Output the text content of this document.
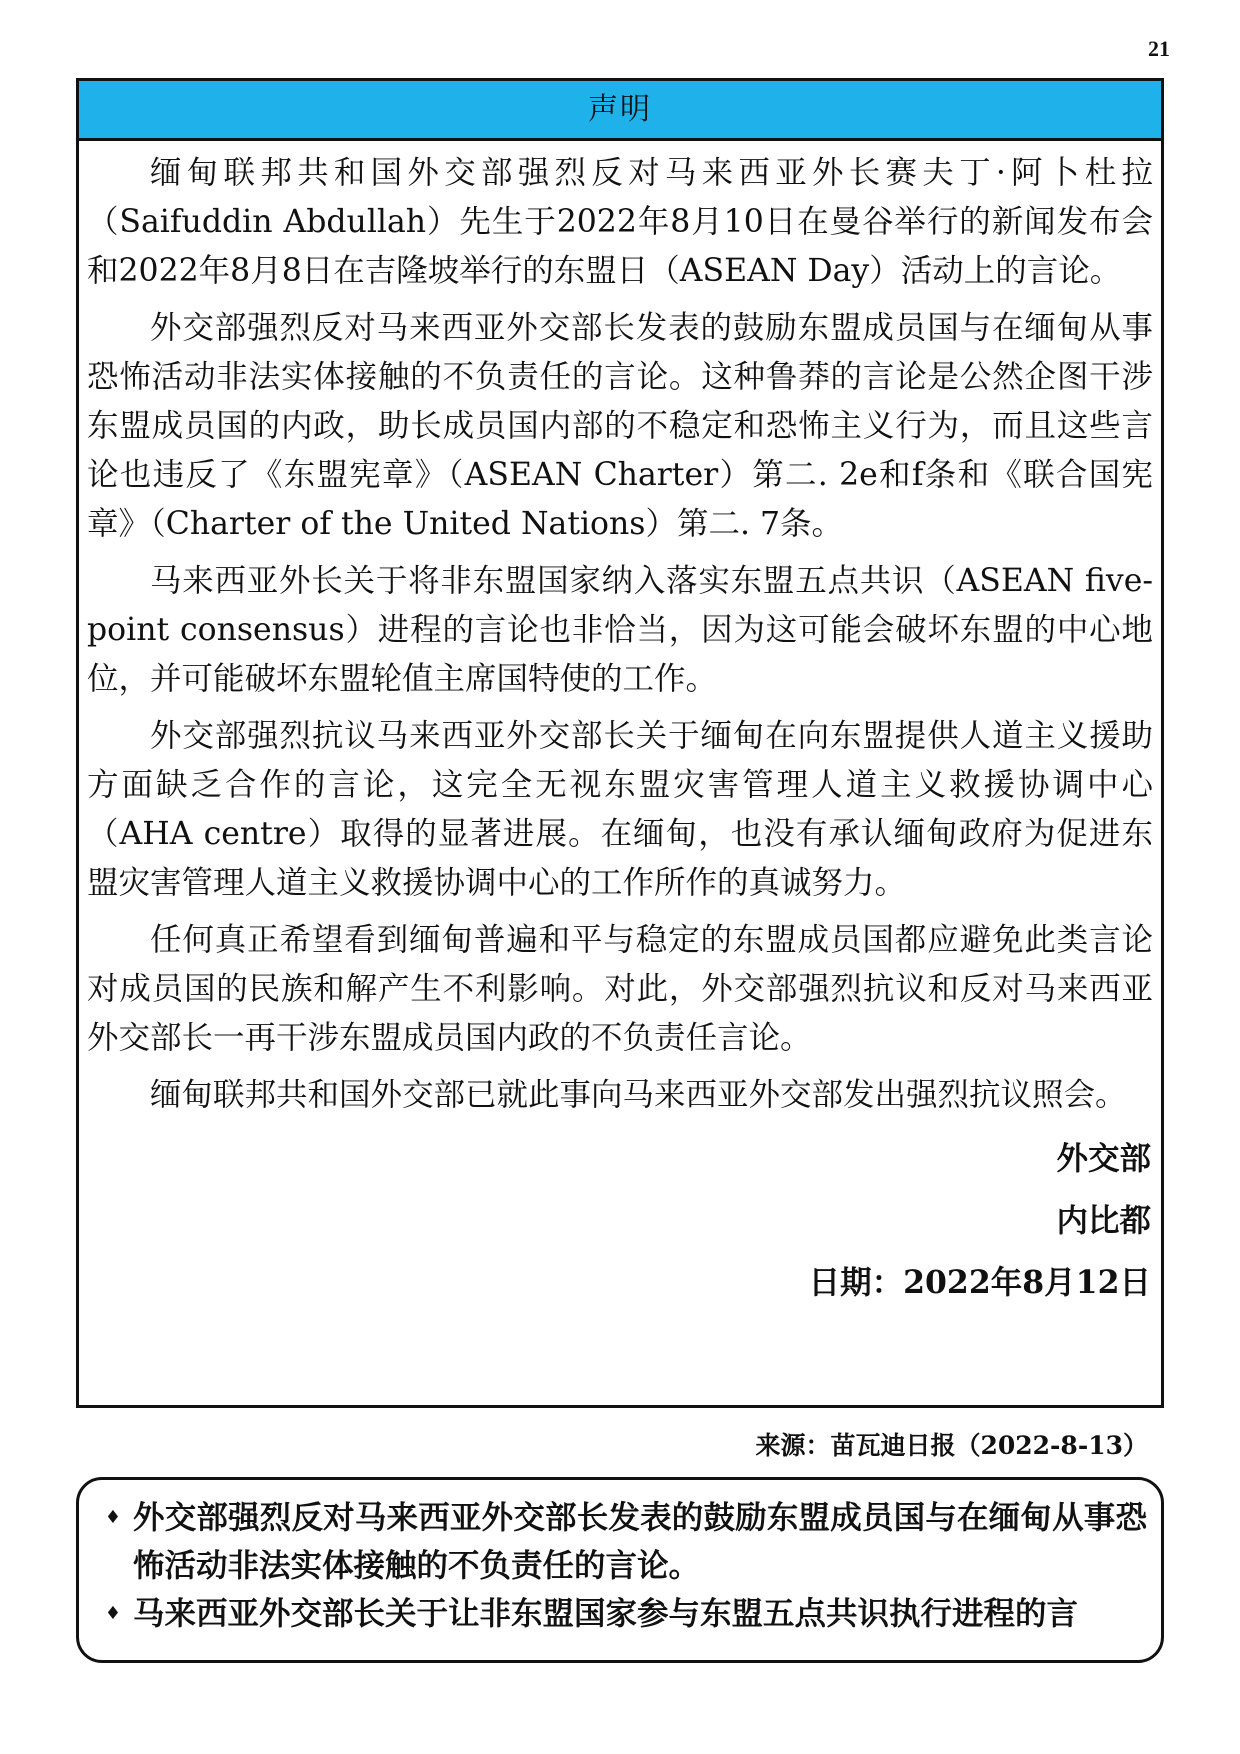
21
声明

缅甸联邦共和国外交部强烈反对马来西亚外长赛夫丁·阿卜杜拉（Saifuddin Abdullah）先生于2022年8月10日在曼谷举行的新闻发布会和2022年8月8日在吉隆坡举行的东盟日（ASEAN Day）活动上的言论。

外交部强烈反对马来西亚外交部长发表的鼓励东盟成员国与在缅甸从事恐怖活动非法实体接触的不负责任的言论。这种鲁莽的言论是公然企图干涉东盟成员国的内政，助长成员国内部的不稳定和恐怖主义行为，而且这些言论也违反了《东盟宪章》（ASEAN Charter）第二. 2e和f条和《联合国宪章》（Charter of the United Nations）第二. 7条。

马来西亚外长关于将非东盟国家纳入落实东盟五点共识（ASEAN five-point consensus）进程的言论也非恰当，因为这可能会破坏东盟的中心地位，并可能破坏东盟轮值主席国特使的工作。

外交部强烈抗议马来西亚外交部长关于缅甸在向东盟提供人道主义援助方面缺乏合作的言论，这完全无视东盟灾害管理人道主义救援协调中心（AHA centre）取得的显著进展。在缅甸，也没有承认缅甸政府为促进东盟灾害管理人道主义救援协调中心的工作所作的真诚努力。

任何真正希望看到缅甸普遍和平与稳定的东盟成员国都应避免此类言论对成员国的民族和解产生不利影响。对此，外交部强烈抗议和反对马来西亚外交部长一再干涉东盟成员国内政的不负责任言论。

缅甸联邦共和国外交部已就此事向马来西亚外交部发出强烈抗议照会。

外交部
内比都
日期：2022年8月12日
来源：苗瓦迪日报（2022-8-13）
♦ 外交部强烈反对马来西亚外交部长发表的鼓励东盟成员国与在缅甸从事恐怖活动非法实体接触的不负责任的言论。
♦ 马来西亚外交部长关于让非东盟国家参与东盟五点共识执行进程的言
